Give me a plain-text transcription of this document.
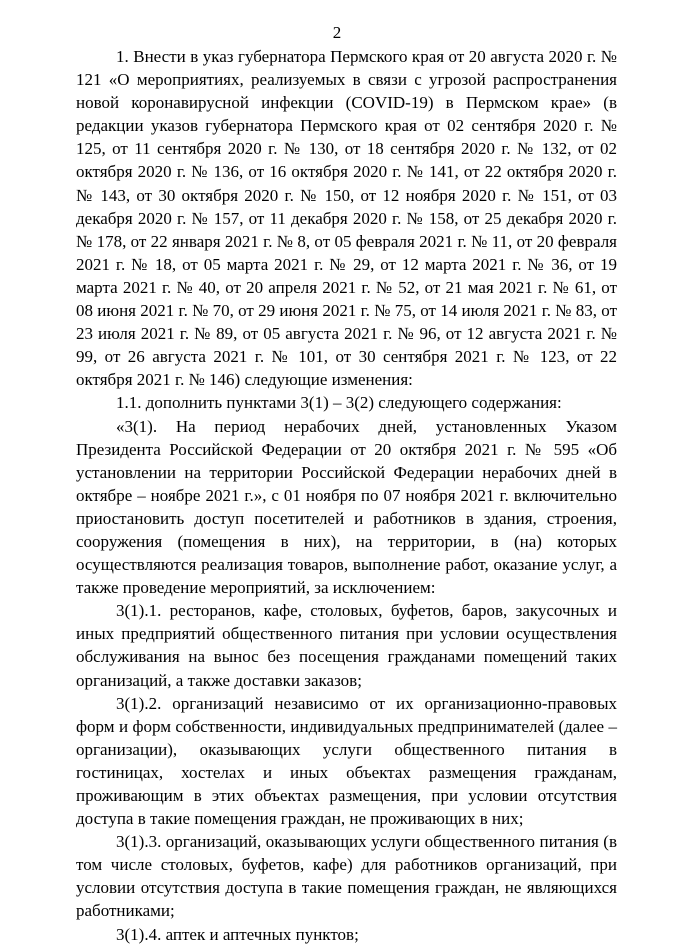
2

1. Внести в указ губернатора Пермского края от 20 августа 2020 г. № 121 «О мероприятиях, реализуемых в связи с угрозой распространения новой коронавирусной инфекции (COVID-19) в Пермском крае» (в редакции указов губернатора Пермского края от 02 сентября 2020 г. № 125, от 11 сентября 2020 г. № 130, от 18 сентября 2020 г. № 132, от 02 октября 2020 г. № 136, от 16 октября 2020 г. № 141, от 22 октября 2020 г. № 143, от 30 октября 2020 г. № 150, от 12 ноября 2020 г. № 151, от 03 декабря 2020 г. № 157, от 11 декабря 2020 г. № 158, от 25 декабря 2020 г. № 178, от 22 января 2021 г. № 8, от 05 февраля 2021 г. № 11, от 20 февраля 2021 г. № 18, от 05 марта 2021 г. № 29, от 12 марта 2021 г. № 36, от 19 марта 2021 г. № 40, от 20 апреля 2021 г. № 52, от 21 мая 2021 г. № 61, от 08 июня 2021 г. № 70, от 29 июня 2021 г. № 75, от 14 июля 2021 г. № 83, от 23 июля 2021 г. № 89, от 05 августа 2021 г. № 96, от 12 августа 2021 г. № 99, от 26 августа 2021 г. № 101, от 30 сентября 2021 г. № 123, от 22 октября 2021 г. № 146) следующие изменения:

1.1. дополнить пунктами 3(1) – 3(2) следующего содержания:

«3(1). На период нерабочих дней, установленных Указом Президента Российской Федерации от 20 октября 2021 г. № 595 «Об установлении на территории Российской Федерации нерабочих дней в октябре – ноябре 2021 г.», с 01 ноября по 07 ноября 2021 г. включительно приостановить доступ посетителей и работников в здания, строения, сооружения (помещения в них), на территории, в (на) которых осуществляются реализация товаров, выполнение работ, оказание услуг, а также проведение мероприятий, за исключением:

3(1).1. ресторанов, кафе, столовых, буфетов, баров, закусочных и иных предприятий общественного питания при условии осуществления обслуживания на вынос без посещения гражданами помещений таких организаций, а также доставки заказов;

3(1).2. организаций независимо от их организационно-правовых форм и форм собственности, индивидуальных предпринимателей (далее – организации), оказывающих услуги общественного питания в гостиницах, хостелах и иных объектах размещения гражданам, проживающим в этих объектах размещения, при условии отсутствия доступа в такие помещения граждан, не проживающих в них;

3(1).3. организаций, оказывающих услуги общественного питания (в том числе столовых, буфетов, кафе) для работников организаций, при условии отсутствия доступа в такие помещения граждан, не являющихся работниками;

3(1).4. аптек и аптечных пунктов;
